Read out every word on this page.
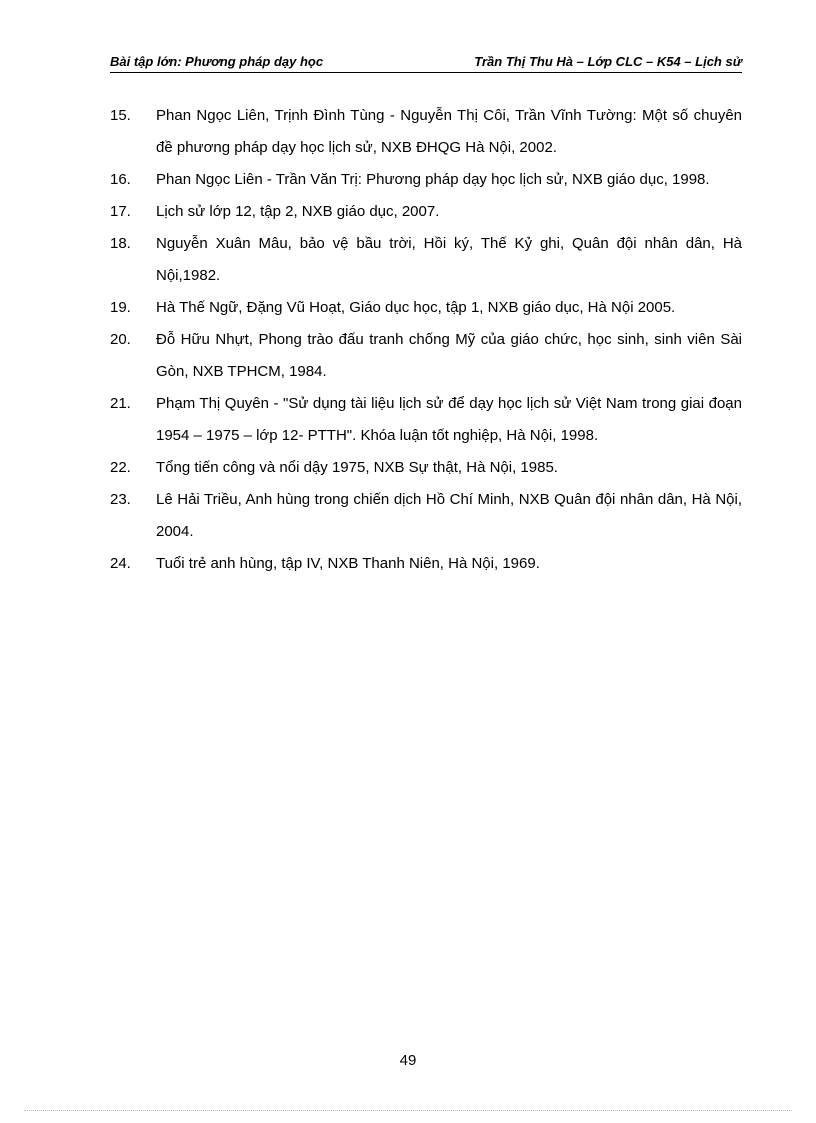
Bài tập lớn: Phương pháp dạy học	Trần Thị Thu Hà – Lớp CLC – K54 – Lịch sử
15. Phan Ngọc Liên, Trịnh Đình Tùng - Nguyễn Thị Côi, Trần Vĩnh Tường: Một số chuyên đề phương pháp dạy học lịch sử, NXB ĐHQG Hà Nội, 2002.
16. Phan Ngọc Liên - Trần Văn Trị: Phương pháp dạy học lịch sử, NXB giáo dục, 1998.
17. Lịch sử lớp 12, tập 2, NXB giáo dục, 2007.
18. Nguyễn Xuân Mâu, bảo vệ bầu trời, Hồi ký, Thế Kỷ ghi, Quân đội nhân dân, Hà Nội,1982.
19. Hà Thế Ngữ, Đặng Vũ Hoạt, Giáo dục học, tập 1, NXB giáo dục, Hà Nội 2005.
20. Đỗ Hữu Nhựt, Phong trào đấu tranh chống Mỹ của giáo chức, học sinh, sinh viên Sài Gòn, NXB TPHCM, 1984.
21. Phạm Thị Quyên - "Sử dụng tài liệu lịch sử để dạy học lịch sử Việt Nam trong giai đoạn 1954 – 1975 – lớp 12- PTTH". Khóa luận tốt nghiệp, Hà Nội, 1998.
22. Tổng tiến công và nổi dậy 1975, NXB Sự thật, Hà Nội, 1985.
23. Lê Hải Triều, Anh hùng trong chiến dịch Hồ Chí Minh, NXB Quân đội nhân dân, Hà Nội, 2004.
24. Tuổi trẻ anh hùng, tập IV, NXB Thanh Niên, Hà Nội, 1969.
49
